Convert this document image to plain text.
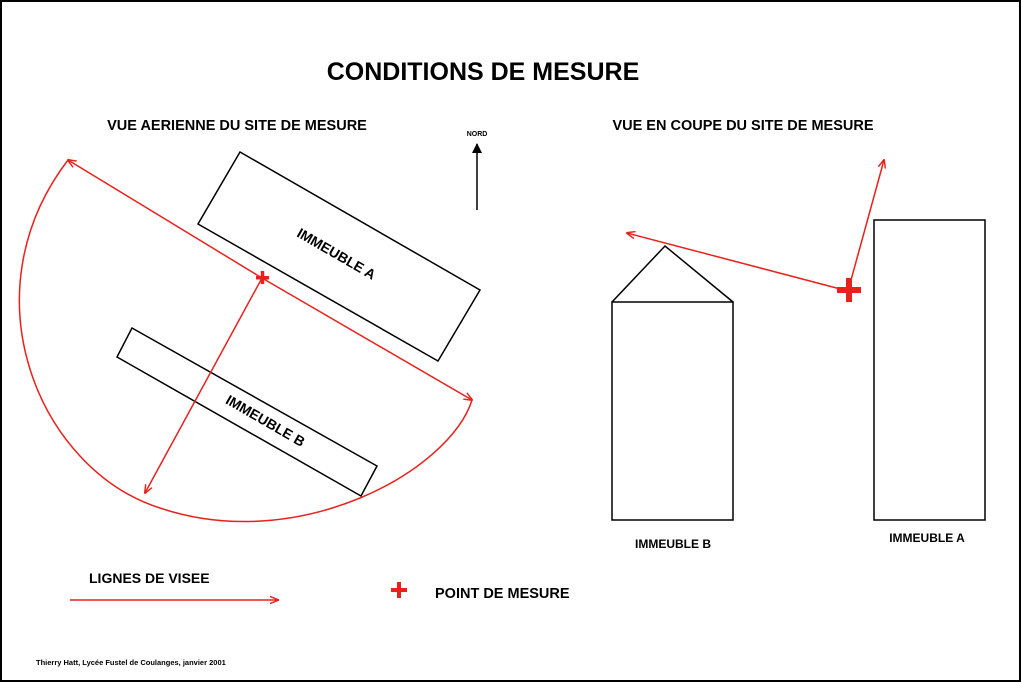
CONDITIONS DE MESURE
VUE AERIENNE DU SITE DE MESURE
NORD
IMMEUBLE A
IMMEUBLE B
VUE EN COUPE DU SITE DE MESURE
IMMEUBLE B	IMMEUBLE A
LIGNES DE VISEE
POINT DE MESURE
Thierry Hatt, Lycée Fustel de Coulanges, janvier 2001
